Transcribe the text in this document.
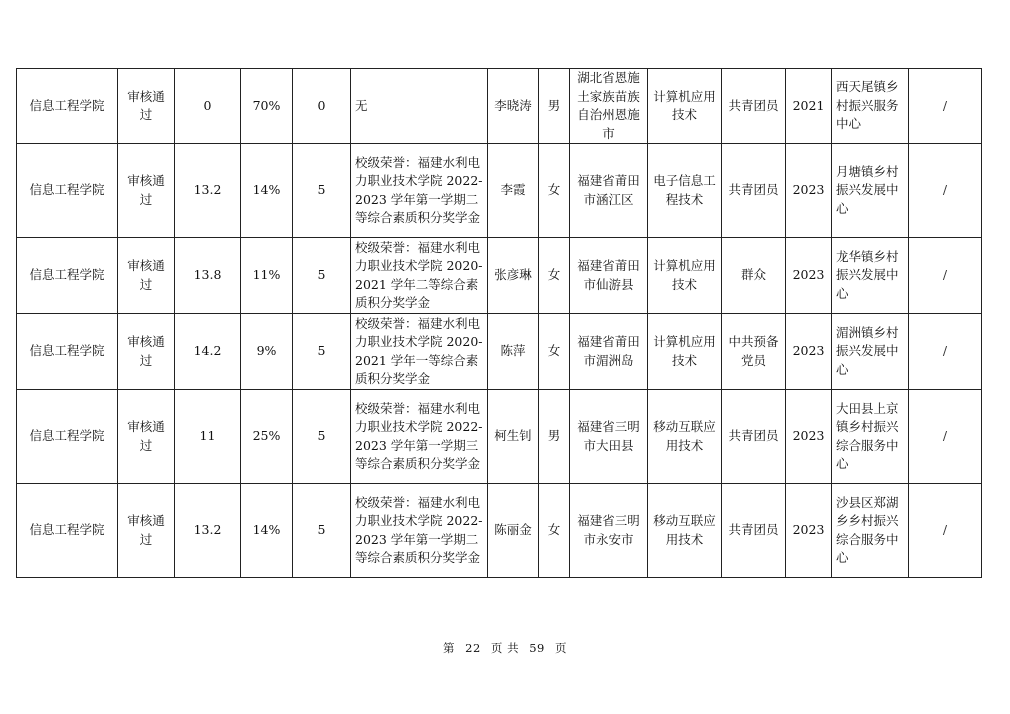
信息工程学院	审核通过	0	70%	0	无	李晓涛	男	湖北省恩施土家族苗族自治州恩施市	计算机应用技术	共青团员	2021	西天尾镇乡村振兴服务中心	/
信息工程学院	审核通过	13.2	14%	5	校级荣誉：福建水利电力职业技术学院 2022-2023 学年第一学期二等综合素质积分奖学金	李霞	女	福建省莆田市涵江区	电子信息工程技术	共青团员	2023	月塘镇乡村振兴发展中心	/
信息工程学院	审核通过	13.8	11%	5	校级荣誉：福建水利电力职业技术学院 2020-2021 学年二等综合素质积分奖学金	张彦琳	女	福建省莆田市仙游县	计算机应用技术	群众	2023	龙华镇乡村振兴发展中心	/
信息工程学院	审核通过	14.2	9%	5	校级荣誉：福建水利电力职业技术学院 2020-2021 学年一等综合素质积分奖学金	陈萍	女	福建省莆田市湄洲岛	计算机应用技术	中共预备党员	2023	湄洲镇乡村振兴发展中心	/
信息工程学院	审核通过	11	25%	5	校级荣誉：福建水利电力职业技术学院 2022-2023 学年第一学期三等综合素质积分奖学金	柯生钊	男	福建省三明市大田县	移动互联应用技术	共青团员	2023	大田县上京镇乡村振兴综合服务中心	/
信息工程学院	审核通过	13.2	14%	5	校级荣誉：福建水利电力职业技术学院 2022-2023 学年第一学期二等综合素质积分奖学金	陈丽金	女	福建省三明市永安市	移动互联应用技术	共青团员	2023	沙县区郑湖乡乡村振兴综合服务中心	/
第 22 页 共 59 页
